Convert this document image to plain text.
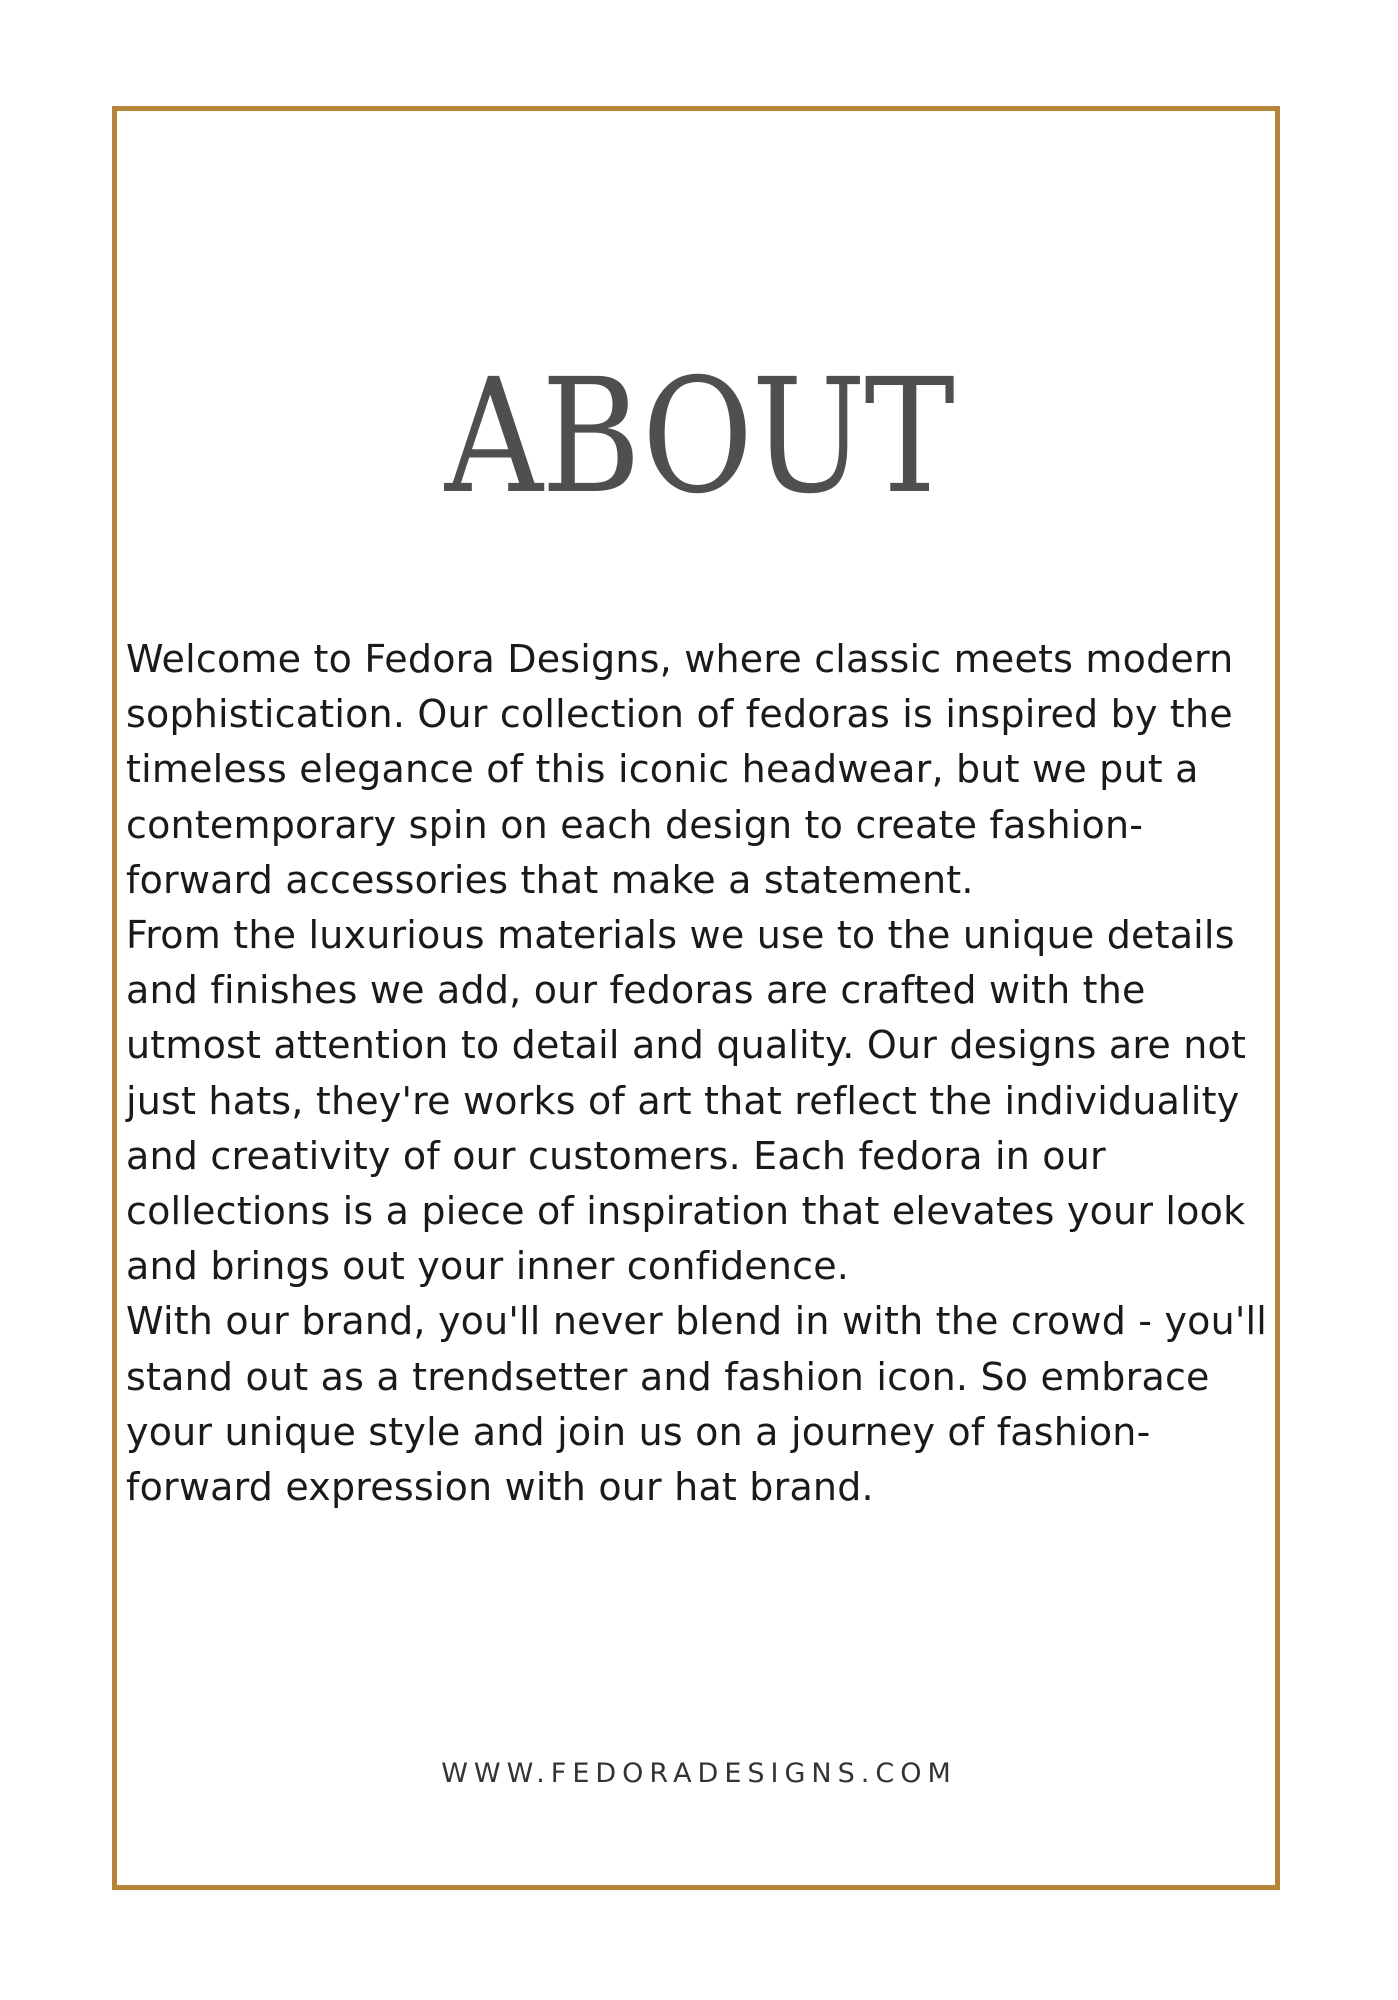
ABOUT

Welcome to Fedora Designs, where classic meets modern sophistication. Our collection of fedoras is inspired by the timeless elegance of this iconic headwear, but we put a contemporary spin on each design to create fashion-forward accessories that make a statement.

From the luxurious materials we use to the unique details and finishes we add, our fedoras are crafted with the utmost attention to detail and quality. Our designs are not just hats, they're works of art that reflect the individuality and creativity of our customers. Each fedora in our collections is a piece of inspiration that elevates your look and brings out your inner confidence.

With our brand, you'll never blend in with the crowd - you'll stand out as a trendsetter and fashion icon. So embrace your unique style and join us on a journey of fashion-forward expression with our hat brand.

WWW.FEDORADESIGNS.COM
